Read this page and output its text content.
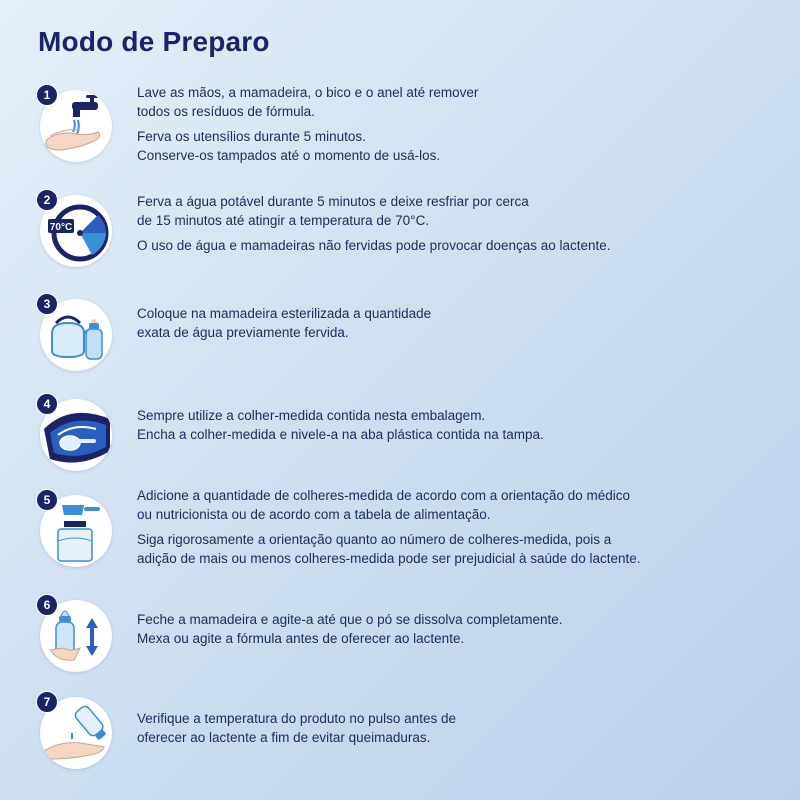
Modo de Preparo
1	Lave as mãos, a mamadeira, o bico e o anel até remover
todos os resíduos de fórmula.

Ferva os utensílios durante 5 minutos.
Conserve-os tampados até o momento de usá-los.

70°C
2	Ferva a água potável durante 5 minutos e deixe resfriar por cerca
de 15 minutos até atingir a temperatura de 70°C.

O uso de água e mamadeiras não fervidas pode provocar doenças ao lactente.

3

Coloque na mamadeira esterilizada a quantidade
exata de água previamente fervida.

4

Sempre utilize a colher-medida contida nesta embalagem.
Encha a colher-medida e nivele-a na aba plástica contida na tampa.

5	Adicione a quantidade de colheres-medida de acordo com a orientação do médico
ou nutricionista ou de acordo com a tabela de alimentação.

Siga rigorosamente a orientação quanto ao número de colheres-medida, pois a
adição de mais ou menos colheres-medida pode ser prejudicial à saúde do lactente.

6

Feche a mamadeira e agite-a até que o pó se dissolva completamente.
Mexa ou agite a fórmula antes de oferecer ao lactente.

7

Verifique a temperatura do produto no pulso antes de
oferecer ao lactente a fim de evitar queimaduras.
